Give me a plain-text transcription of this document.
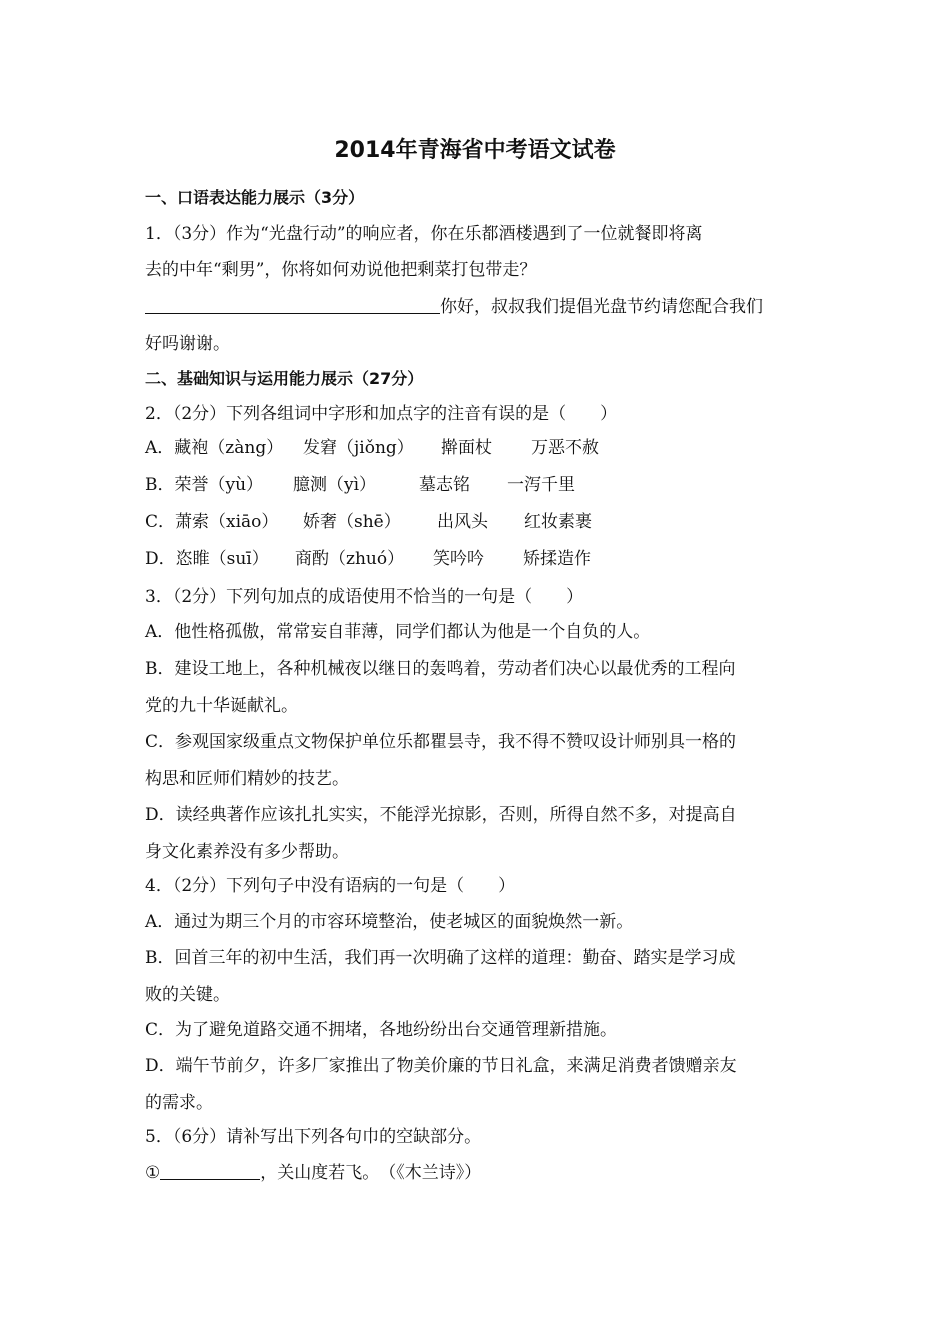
2014年青海省中考语文试卷
一、口语表达能力展示（3分）
1．（3分）作为“光盘行动”的响应者，你在乐都酒楼遇到了一位就餐即将离
去的中年“剩男”，你将如何劝说他把剩菜打包带走？
你好，叔叔我们提倡光盘节约请您配合我们
好吗谢谢。
二、基础知识与运用能力展示（27分）
2．（2分）下列各组词中字形和加点字的注音有误的是（　　）
A．藏袍（zàng） 发窘（jiǒng） 擀面杖 万恶不赦
B．荣誉（yù） 臆测（yì）	墓志铭 一泻千里
C．萧索（xiāo） 娇奢（shē） 出风头 红妆素裹
D．恣睢（suī） 商酌（zhuó） 笑吟吟 矫揉造作
3．（2分）下列句加点的成语使用不恰当的一句是（　　）
A．他性格孤傲，常常妄自菲薄，同学们都认为他是一个自负的人。
B．建设工地上，各种机械夜以继日的轰鸣着，劳动者们决心以最优秀的工程向
党的九十华诞献礼。
C．参观国家级重点文物保护单位乐都瞿昙寺，我不得不赞叹设计师别具一格的
构思和匠师们精妙的技艺。
D．读经典著作应该扎扎实实，不能浮光掠影，否则，所得自然不多，对提高自
身文化素养没有多少帮助。
4．（2分）下列句子中没有语病的一句是（　　）
A．通过为期三个月的市容环境整治，使老城区的面貌焕然一新。
B．回首三年的初中生活，我们再一次明确了这样的道理：勤奋、踏实是学习成
败的关键。
C．为了避免道路交通不拥堵，各地纷纷出台交通管理新措施。
D．端午节前夕，许多厂家推出了物美价廉的节日礼盒，来满足消费者馈赠亲友
的需求。
5．（6分）请补写出下列各句巾的空缺部分。
①	，关山度若飞。　（《木兰诗》）
